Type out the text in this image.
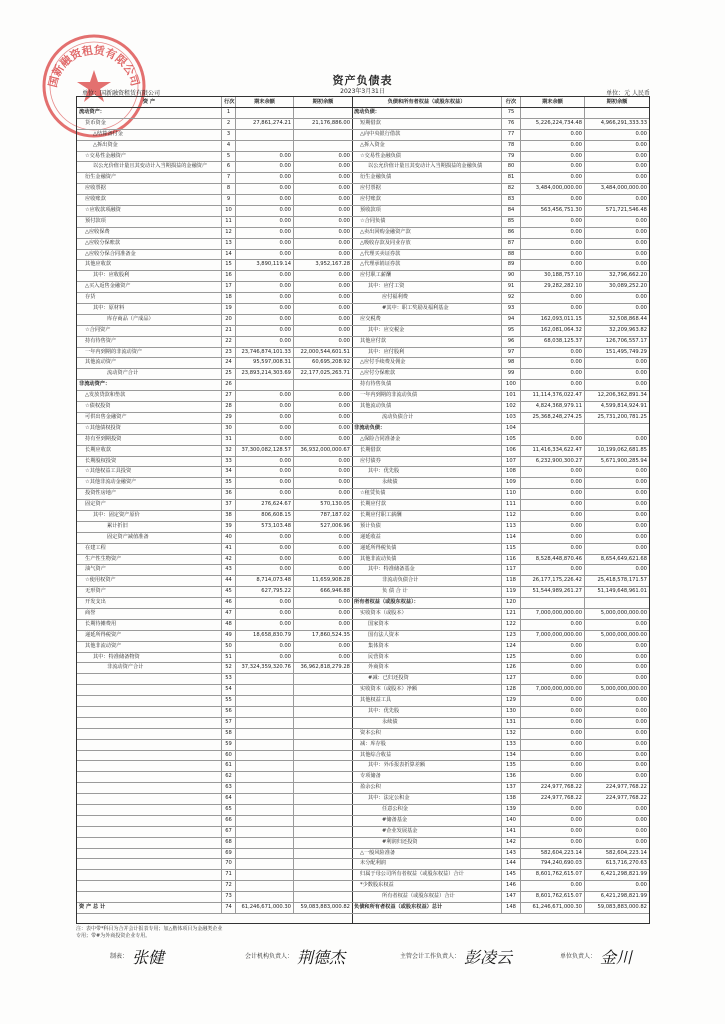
国新融资租赁有限公司	资产负债表
2023年3月31日
单位：国新融资租赁有限公司	单位：元 人民币
资 产	行次	期末余额	期初余额
流动资产：	1
货币资金	2	27,861,274.21	21,176,886.00
△结算备付金	3
△拆出资金	4
☆交易性金融资产	5	0.00	0.00
以公允价值计量且其变动计入当期损益的金融资产	6	0.00	0.00
衍生金融资产	7	0.00	0.00
应收票据	8	0.00	0.00
应收账款	9	0.00	0.00
☆应收款项融资	10	0.00	0.00
预付款项	11	0.00	0.00
△应收保费	12	0.00	0.00
△应收分保账款	13	0.00	0.00
△应收分保合同准备金	14	0.00	0.00
其他应收款	15	3,890,119.14	3,952,167.28
其中：应收股利	16	0.00	0.00
△买入返售金融资产	17	0.00	0.00
存货	18	0.00	0.00
其中：原材料	19	0.00	0.00
库存商品（产成品）	20	0.00	0.00
☆合同资产	21	0.00	0.00
持有待售资产	22	0.00	0.00
一年内到期的非流动资产	23	23,746,874,101.33	22,000,544,601.51
其他流动资产	24	95,597,008.31	60,695,208.92
流动资产合计	25	23,893,214,303.69	22,177,025,263.71
非流动资产：	26
△发放贷款和垫款	27	0.00	0.00
☆债权投资	28	0.00	0.00
可供出售金融资产	29	0.00	0.00
☆其他债权投资	30	0.00	0.00
持有至到期投资	31	0.00	0.00
长期应收款	32	37,300,082,128.57	36,932,000,000.67
长期股权投资	33	0.00	0.00
☆其他权益工具投资	34	0.00	0.00
☆其他非流动金融资产	35	0.00	0.00
投资性房地产	36	0.00	0.00
固定资产	37	276,624.67	570,130.05
其中：固定资产原价	38	806,608.15	787,187.02
累计折旧	39	573,103.48	527,006.96
固定资产减值准备	40	0.00	0.00
在建工程	41	0.00	0.00
生产性生物资产	42	0.00	0.00
油气资产	43	0.00	0.00
☆使用权资产	44	8,714,073.48	11,659,908.28
无形资产	45	627,795.22	666,946.88
开发支出	46	0.00	0.00
商誉	47	0.00	0.00
长期待摊费用	48	0.00	0.00
递延所得税资产	49	18,658,830.79	17,860,524.35
其他非流动资产	50	0.00	0.00
其中：特准储备物资	51	0.00	0.00
非流动资产合计	52	37,324,359,320.76	36,962,818,279.28
53
54
55
56
57
58
59
60
61
62
63
64
65
66
67
68
69
70
71
72
73
资 产 总 计	74	61,246,671,000.30	59,083,883,000.82
负债和所有者权益（或股东权益）	行次	期末余额	期初余额
流动负债：	75
短期借款	76	5,226,224,734.48	4,966,291,333.33
△向中央银行借款	77	0.00	0.00
△拆入资金	78	0.00	0.00
☆交易性金融负债	79	0.00	0.00
以公允价值计量且其变动计入当期损益的金融负债	80	0.00	0.00
衍生金融负债	81	0.00	0.00
应付票据	82	3,484,000,000.00	3,484,000,000.00
应付账款	83	0.00	0.00
预收款项	84	563,456,751.30	571,721,546.48
☆合同负债	85	0.00	0.00
△卖出回购金融资产款	86	0.00	0.00
△吸收存款及同业存放	87	0.00	0.00
△代理买卖证券款	88	0.00	0.00
△代理承销证券款	89	0.00	0.00
应付职工薪酬	90	30,188,757.10	32,796,662.20
其中：应付工资	91	29,282,282.10	30,089,252.20
应付福利费	92	0.00	0.00
#其中：职工奖励及福利基金	93	0.00	0.00
应交税费	94	162,093,011.15	32,508,868.44
其中：应交税金	95	162,081,064.32	32,209,963.82
其他应付款	96	68,038,125.37	126,706,557.17
其中：应付股利	97	0.00	151,495,749.29
△应付手续费及佣金	98	0.00	0.00
△应付分保账款	99	0.00	0.00
持有待售负债	100	0.00	0.00
一年内到期的非流动负债	101	11,114,376,022.47	12,206,362,891.34
其他流动负债	102	4,824,368,979.11	4,599,814,924.91
流动负债合计	103	25,368,248,274.25	25,731,200,781.25
非流动负债：	104
△保险合同准备金	105	0.00	0.00
长期借款	106	11,416,334,622.47	10,199,062,681.85
应付债券	107	6,232,900,300.27	5,671,900,285.94
其中：优先股	108	0.00	0.00
永续债	109	0.00	0.00
☆租赁负债	110	0.00	0.00
长期应付款	111	0.00	0.00
长期应付职工薪酬	112	0.00	0.00
预计负债	113	0.00	0.00
递延收益	114	0.00	0.00
递延所得税负债	115	0.00	0.00
其他非流动负债	116	8,528,448,870.46	8,654,649,621.68
其中：特准储备基金	117	0.00	0.00
非流动负债合计	118	26,177,175,226.42	25,418,578,171.57
负 债 合 计	119	51,544,989,261.27	51,149,648,961.01
所有者权益（或股东权益）：	120
实收资本（或股本）	121	7,000,000,000.00	5,000,000,000.00
国家资本	122	0.00	0.00
国有法人资本	123	7,000,000,000.00	5,000,000,000.00
集体资本	124	0.00	0.00
民营资本	125	0.00	0.00
外商资本	126	0.00	0.00
#减：已归还投资	127	0.00	0.00
实收资本（或股本）净额	128	7,000,000,000.00	5,000,000,000.00
其他权益工具	129	0.00	0.00
其中：优先股	130	0.00	0.00
永续债	131	0.00	0.00
资本公积	132	0.00	0.00
减：库存股	133	0.00	0.00
其他综合收益	134	0.00	0.00
其中：外币报表折算差额	135	0.00	0.00
专项储备	136	0.00	0.00
盈余公积	137	224,977,768.22	224,977,768.22
其中：法定公积金	138	224,977,768.22	224,977,768.22
任意公积金	139	0.00	0.00
#储备基金	140	0.00	0.00
#企业发展基金	141	0.00	0.00
#利润归还投资	142	0.00	0.00
△一般风险准备	143	582,604,223.14	582,604,223.14
未分配利润	144	794,240,690.03	613,716,270.63
归属于母公司所有者权益（或股东权益）合计	145	8,601,762,615.07	6,421,298,821.99
*少数股东权益	146	0.00	0.00
所有者权益（或股东权益）合计	147	8,601,762,615.07	6,421,298,821.99
负债和所有者权益（或股东权益）总计	148	61,246,671,000.30	59,083,883,000.82
注：表中带*科目为合并会计报表专用；加△楷体项目为金融类企业专用；带#为外商投资企业专用。
制表： 张健	会计机构负责人： 荆德杰	主管会计工作负责人： 彭凌云	单位负责人： 金川
